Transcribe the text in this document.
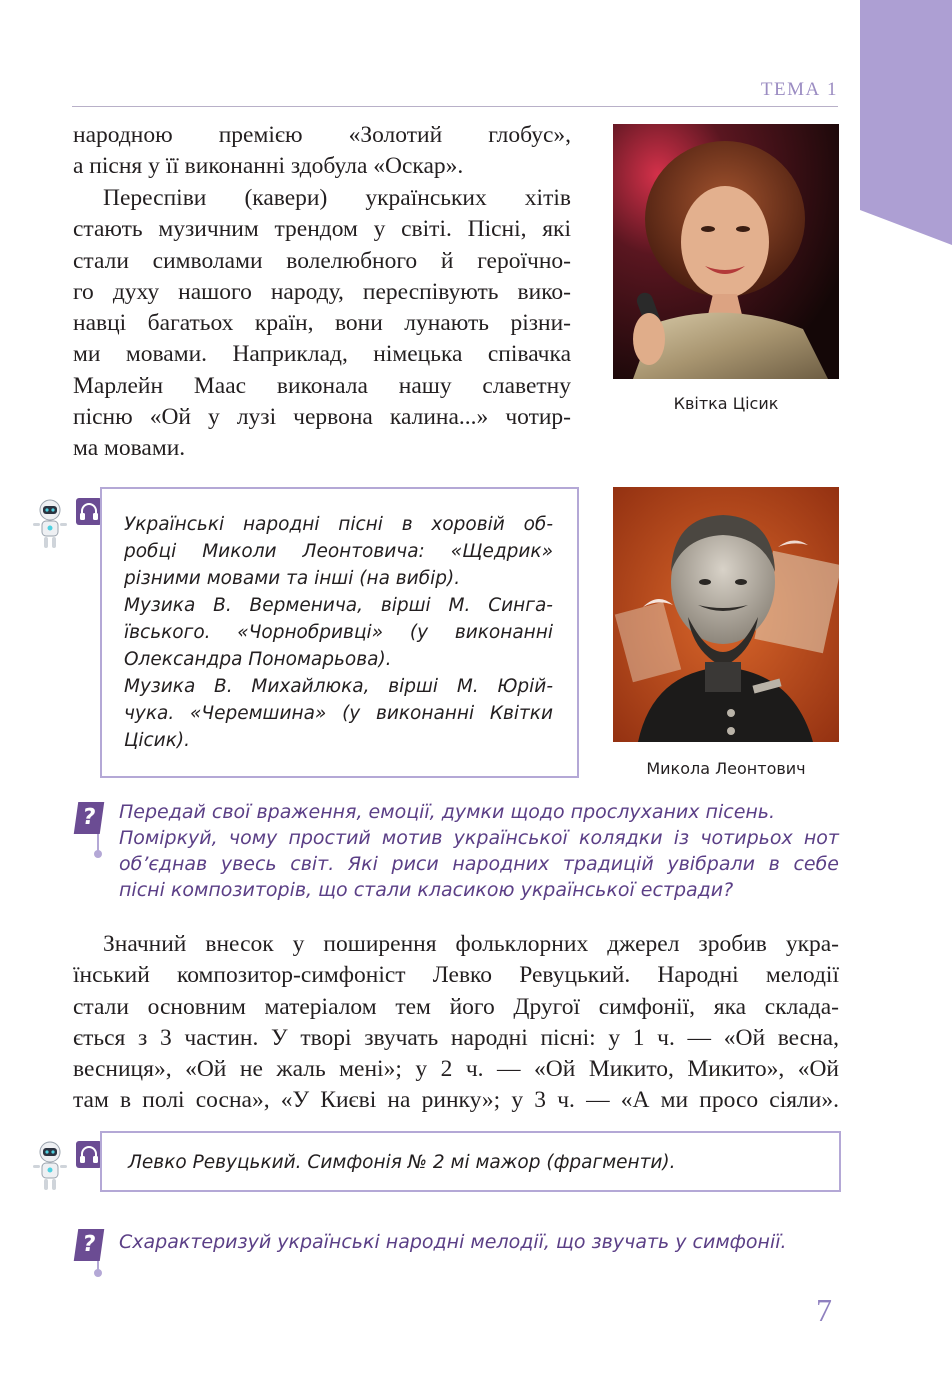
ТЕМА 1

народною премією «Золотий глобус»,
а пісня у її виконанні здобула «Оскар».

Переспіви (кавери) українських хітів
стають музичним трендом у світі. Пісні, які
стали символами волелюбного й героїчно-
го духу нашого народу, переспівують вико-
навці багатьох країн, вони лунають різни-
ми мовами. Наприклад, німецька співачка
Марлейн Маас виконала нашу славетну
пісню «Ой у лузі червона калина...» чотир-
ма мовами.

Квітка Цісик
Микола Леонтович
Українські народні пісні в хоровій об-
робці Миколи Леонтовича: «Щедрик»
різними мовами та інші (на вибір).
Музика В. Верменича, вірші М. Синга-
ївського. «Чорнобривці» (у виконанні
Олександра Пономарьова).
Музика В. Михайлюка, вірші М. Юрій-
чука. «Черемшина» (у виконанні Квітки
Цісик).
?	Передай свої враження, емоції, думки щодо прослуханих пісень.
Поміркуй, чому простий мотив української колядки із чотирьох нот
об’єднав увесь світ. Які риси народних традицій увібрали в себе
пісні композиторів, що стали класикою української естради?

Значний внесок у поширення фольклорних джерел зробив укра-
їнський композитор-симфоніст Левко Ревуцький. Народні мелодії
стали основним матеріалом тем його Другої симфонії, яка склада-
ється з 3 частин. У творі звучать народні пісні: у 1 ч. — «Ой весна,
весниця», «Ой не жаль мені»; у 2 ч. — «Ой Микито, Микито», «Ой
там в полі сосна», «У Києві на ринку»; у 3 ч. — «А ми просо сіяли».

Левко Ревуцький. Симфонія № 2 мі мажор (фрагменти).
?	Схарактеризуй українські народні мелодії, що звучать у симфонії.
7
